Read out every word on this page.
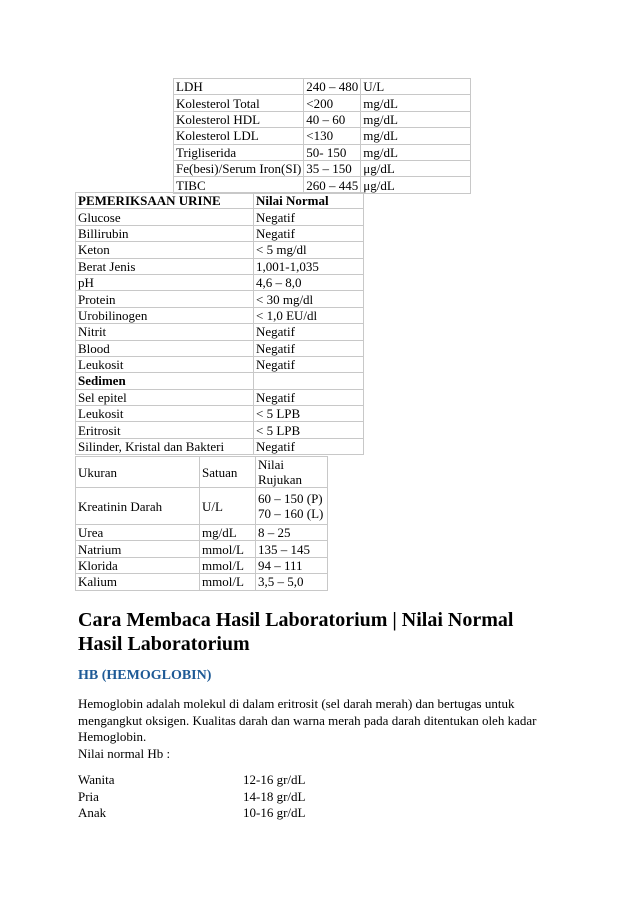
LDH	240 – 480	U/L
Kolesterol Total	<200	mg/dL
Kolesterol HDL	40 – 60	mg/dL
Kolesterol LDL	<130	mg/dL
Trigliserida	50- 150	mg/dL
Fe(besi)/Serum Iron(SI)	35 – 150	μg/dL
TIBC	260 – 445	μg/dL
PEMERIKSAAN URINE	Nilai Normal
Glucose	Negatif
Billirubin	Negatif
Keton	< 5 mg/dl
Berat Jenis	1,001-1,035
pH	4,6 – 8,0
Protein	< 30 mg/dl
Urobilinogen	< 1,0 EU/dl
Nitrit	Negatif
Blood	Negatif
Leukosit	Negatif
Sedimen	
Sel epitel	Negatif
Leukosit	< 5 LPB
Eritrosit	< 5 LPB
Silinder, Kristal dan Bakteri	Negatif
Ukuran	Satuan	Nilai
Rujukan

Kreatinin Darah	U/L	60 – 150 (P)
70 – 160 (L)

Urea	mg/dL	8 – 25
Natrium	mmol/L	135 – 145
Klorida	mmol/L	94 – 111
Kalium	mmol/L	3,5 – 5,0
Cara Membaca Hasil Laboratorium | Nilai Normal Hasil Laboratorium
HB (HEMOGLOBIN)
Hemoglobin adalah molekul di dalam eritrosit (sel darah merah) dan bertugas untuk
mengangkut oksigen. Kualitas darah dan warna merah pada darah ditentukan oleh kadar
Hemoglobin.
Nilai normal Hb :
Wanita	12-16 gr/dL
Pria	14-18 gr/dL
Anak	10-16 gr/dL
